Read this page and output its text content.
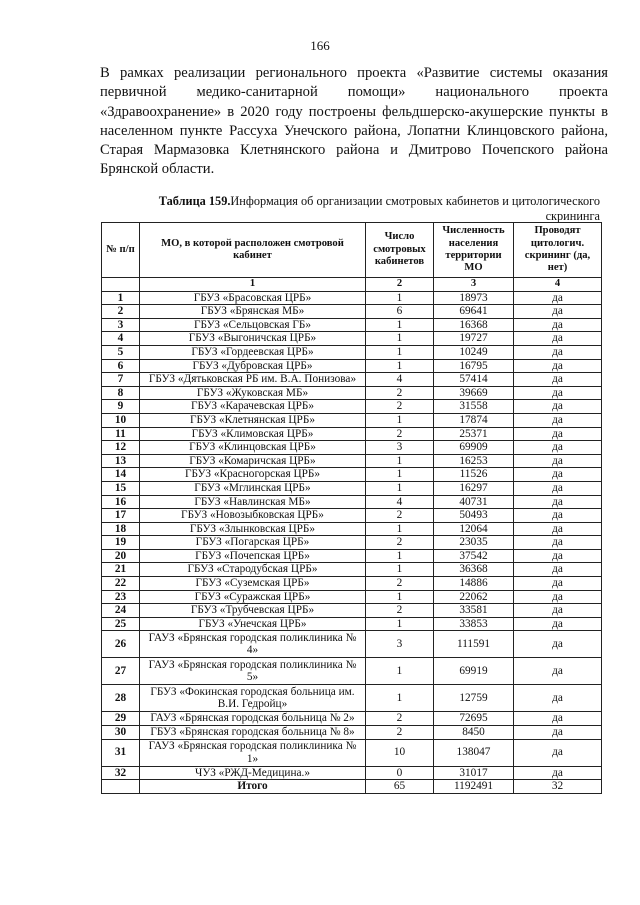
166

В рамках реализации регионального проекта «Развитие системы оказания первичной медико-санитарной помощи» национального проекта «Здравоохранение» в 2020 году построены фельдшерско-акушерские пункты в населенном пункте Рассуха Унечского района, Лопатни Клинцовского района, Старая Мармазовка Клетнянского района и Дмитрово Почепского района Брянской области.

Таблица 159.Информация об организации смотровых кабинетов и цитологического скрининга

№ п/п	МО, в которой расположен смотровой кабинет	Число смотровых кабинетов	Численность населения территории МО	Проводят цитологич. скрининг (да, нет)
	1	2	3	4
1	ГБУЗ «Брасовская ЦРБ»	1	18973	да
2	ГБУЗ «Брянская МБ»	6	69641	да
3	ГБУЗ «Сельцовская ГБ»	1	16368	да
4	ГБУЗ «Выгоничская ЦРБ»	1	19727	да
5	ГБУЗ «Гордеевская ЦРБ»	1	10249	да
6	ГБУЗ «Дубровская ЦРБ»	1	16795	да
7	ГБУЗ «Дятьковская РБ им. В.А. Понизова»	4	57414	да
8	ГБУЗ «Жуковская МБ»	2	39669	да
9	ГБУЗ «Карачевская ЦРБ»	2	31558	да
10	ГБУЗ «Клетнянская ЦРБ»	1	17874	да
11	ГБУЗ «Климовская ЦРБ»	2	25371	да
12	ГБУЗ «Клинцовская ЦРБ»	3	69909	да
13	ГБУЗ «Комаричская ЦРБ»	1	16253	да
14	ГБУЗ «Красногорская ЦРБ»	1	11526	да
15	ГБУЗ «Мглинская ЦРБ»	1	16297	да
16	ГБУЗ «Навлинская МБ»	4	40731	да
17	ГБУЗ «Новозыбковская ЦРБ»	2	50493	да
18	ГБУЗ «Злынковская ЦРБ»	1	12064	да
19	ГБУЗ «Погарская ЦРБ»	2	23035	да
20	ГБУЗ «Почепская ЦРБ»	1	37542	да
21	ГБУЗ «Стародубская ЦРБ»	1	36368	да
22	ГБУЗ «Суземская ЦРБ»	2	14886	да
23	ГБУЗ «Суражская ЦРБ»	1	22062	да
24	ГБУЗ «Трубчевская ЦРБ»	2	33581	да
25	ГБУЗ «Унечская ЦРБ»	1	33853	да
26	ГАУЗ «Брянская городская поликлиника № 4»	3	111591	да
27	ГАУЗ «Брянская городская поликлиника № 5»	1	69919	да
28	ГБУЗ «Фокинская городская больница им. В.И. Гедройц»	1	12759	да
29	ГАУЗ «Брянская городская больница № 2»	2	72695	да
30	ГБУЗ «Брянская городская больница № 8»	2	8450	да
31	ГАУЗ «Брянская городская поликлиника № 1»	10	138047	да
32	ЧУЗ «РЖД-Медицина.»	0	31017	да
	Итого	65	1192491	32
